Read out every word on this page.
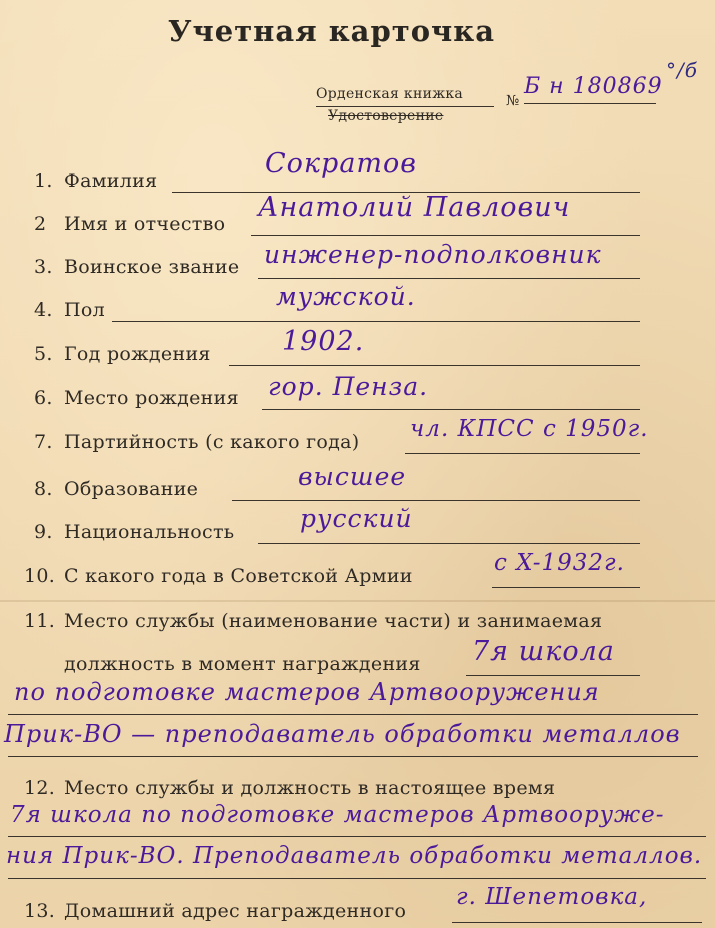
Учетная карточка
Орденская книжка
Удостоверение
№
Б н 180869
°/б
1. Фамилия
Сократов
2 Имя и отчество
Анатолий Павлович
3. Воинское звание инженер-подполковник
4. Пол	мужской.
5. Год рождения	1902.
6. Место рождения гор. Пенза.
7. Партийность (с какого года) чл. КПСС с 1950г.
8. Образование	высшее
9. Национальность	русский
10. С какого года в Советской Армии	с X-1932г.
11. Место службы (наименование части) и занимаемая
должность в момент награждения 7я школа
по подготовке мастеров Артвооружения
Прик-ВО — преподаватель обработки металлов
12. Место службы и должность в настоящее время
7я школа по подготовке мастеров Артвооруже-
ния Прик-ВО. Преподаватель обработки металлов.
13. Домашний адрес награжденного
г. Шепетовка,
